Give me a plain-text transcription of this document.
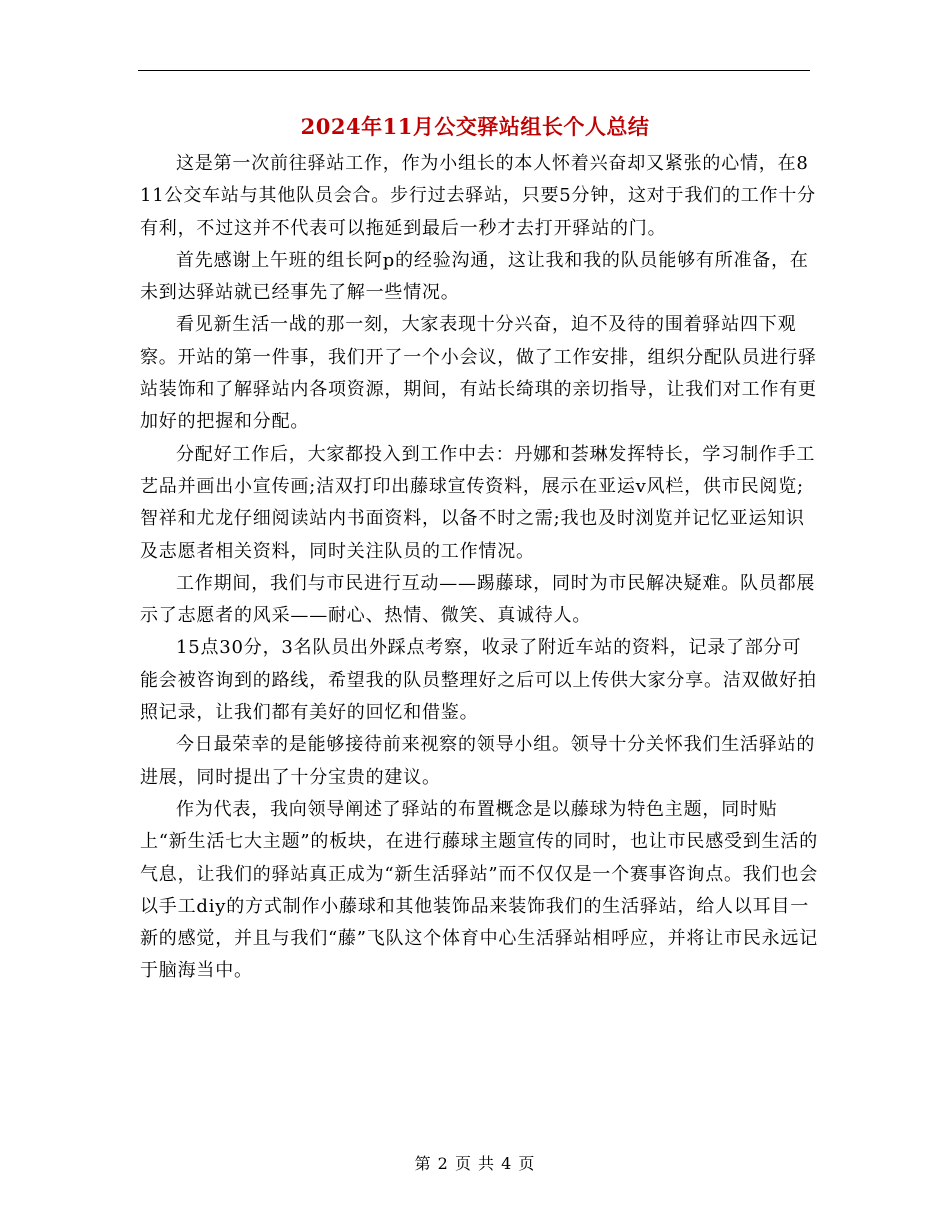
2024年11月公交驿站组长个人总结

这是第一次前往驿站工作，作为小组长的本人怀着兴奋却又紧张的心情，在811公交车站与其他队员会合。步行过去驿站，只要5分钟，这对于我们的工作十分有利，不过这并不代表可以拖延到最后一秒才去打开驿站的门。

首先感谢上午班的组长阿p的经验沟通，这让我和我的队员能够有所准备，在未到达驿站就已经事先了解一些情况。

看见新生活一战的那一刻，大家表现十分兴奋，迫不及待的围着驿站四下观察。开站的第一件事，我们开了一个小会议，做了工作安排，组织分配队员进行驿站装饰和了解驿站内各项资源，期间，有站长绮琪的亲切指导，让我们对工作有更加好的把握和分配。

分配好工作后，大家都投入到工作中去：丹娜和荟琳发挥特长，学习制作手工艺品并画出小宣传画;洁双打印出藤球宣传资料，展示在亚运v风栏，供市民阅览;智祥和尤龙仔细阅读站内书面资料，以备不时之需;我也及时浏览并记忆亚运知识及志愿者相关资料，同时关注队员的工作情况。

工作期间，我们与市民进行互动——踢藤球，同时为市民解决疑难。队员都展示了志愿者的风采——耐心、热情、微笑、真诚待人。

15点30分，3名队员出外踩点考察，收录了附近车站的资料，记录了部分可能会被咨询到的路线，希望我的队员整理好之后可以上传供大家分享。洁双做好拍照记录，让我们都有美好的回忆和借鉴。

今日最荣幸的是能够接待前来视察的领导小组。领导十分关怀我们生活驿站的进展，同时提出了十分宝贵的建议。

作为代表，我向领导阐述了驿站的布置概念是以藤球为特色主题，同时贴上“新生活七大主题”的板块，在进行藤球主题宣传的同时，也让市民感受到生活的气息，让我们的驿站真正成为“新生活驿站”而不仅仅是一个赛事咨询点。我们也会以手工diy的方式制作小藤球和其他装饰品来装饰我们的生活驿站，给人以耳目一新的感觉，并且与我们“藤”飞队这个体育中心生活驿站相呼应，并将让市民永远记于脑海当中。

第 2 页 共 4 页
